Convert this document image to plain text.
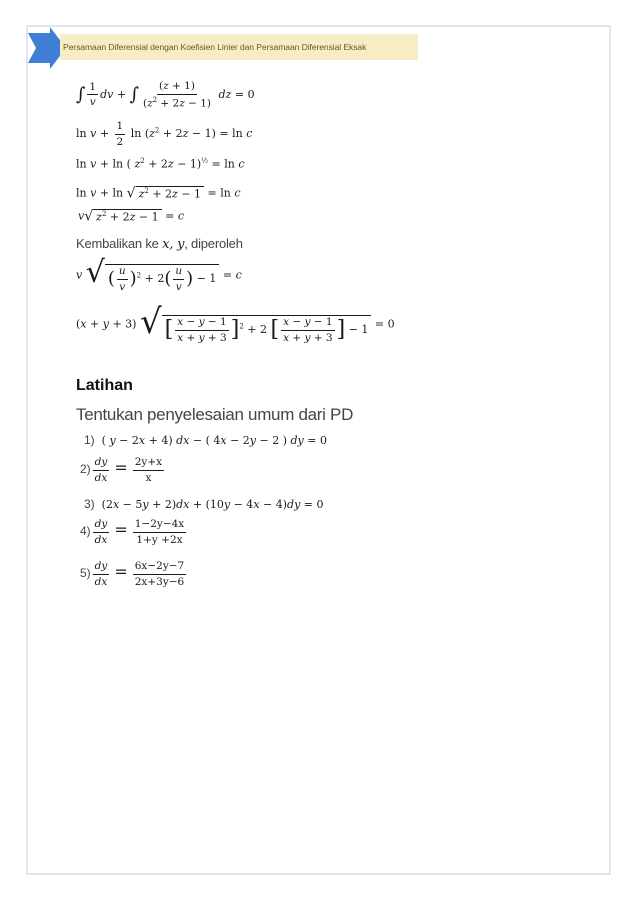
Persamaan Diferensial dengan Koefisien Linier dan Persamaan Diferensial Eksak
∫ $\frac{1}{v}$ dv + ∫ $\frac{(z + 1)}{(z^2 + 2z - 1)}$ dz = 0
$\ln v + \frac{1}{2}$ $\ln (z^2 + 2z - 1) = \ln c$
ln v + ln ( $z^2 + 2z - 1)^{\frac{1}{2}} = \ln c$
ln v + ln √ $z^2 + 2z - 1 = \ln c$
v√ $z^2 + 2z - 1 = c$
Kembalikan ke x, y, diperoleh
v √ ( $\frac{u}{v} )^2 + 2( \frac{u}{v}$ ) − 1 = c
(x + y + 3) √ [ $\frac{x - y - 1}{x + y + 3} ]^2 + 2$ [ $\frac{x - y - 1}{x + y + 3}$ ] − 1 = 0
Latihan
Tentukan penyelesaian umum dari PD
1)  ( y − 2x + 4) dx − ( 4x − 2y − 2 ) dy = 0
$2) \frac{dy}{dx} = \frac{2y+x}{x}$
3)  (2x − 5y + 2)dx + (10y − 4x − 4)dy = 0
$4) \frac{dy}{dx} = \frac{1-2y-4x}{1+y +2x}$
$5) \frac{dy}{dx} = \frac{6x-2y-7}{2x+3y-6}$
